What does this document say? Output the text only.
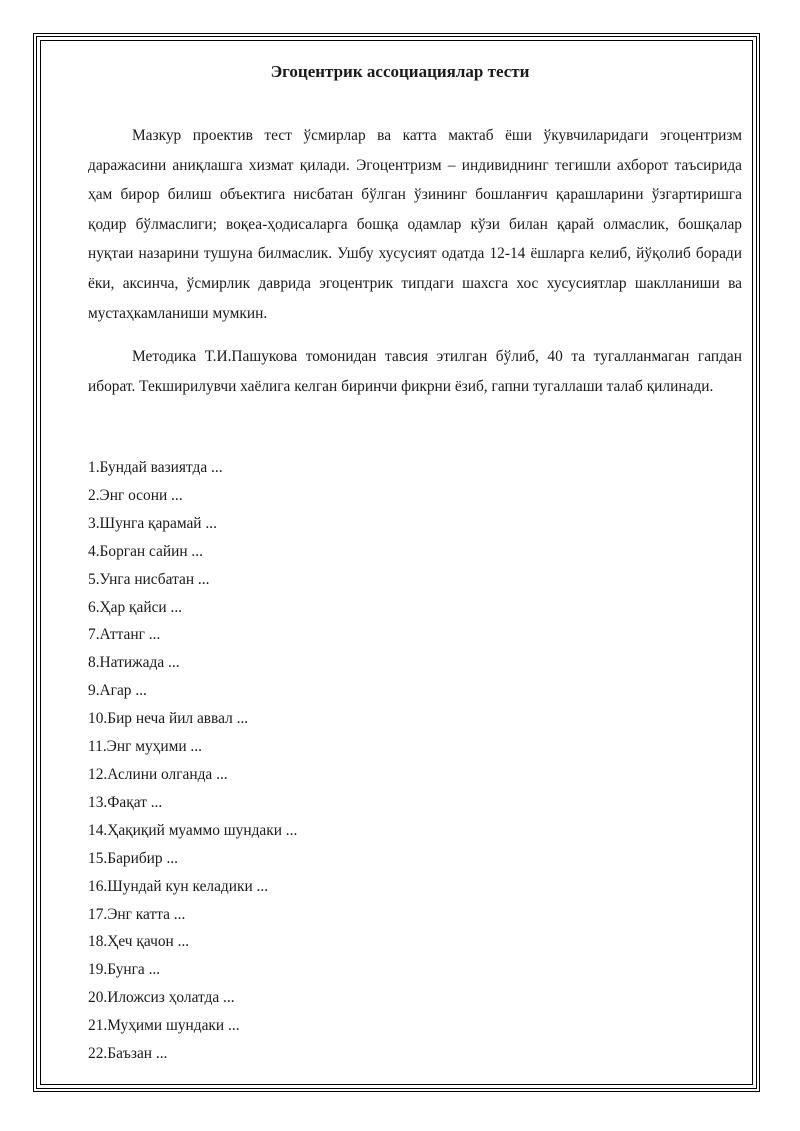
Эгоцентрик ассоциациялар тести

Мазкур проектив тест ўсмирлар ва катта мактаб ёши ўкувчиларидаги эгоцентризм даражасини аниқлашга хизмат қилади. Эгоцентризм – индивиднинг тегишли ахборот таъсирида ҳам бирор билиш объектига нисбатан бўлган ўзининг бошланғич қарашларини ўзгартиришга қодир бўлмаслиги; воқеа-ҳодисаларга бошқа одамлар кўзи билан қарай олмаслик, бошқалар нуқтаи назарини тушуна билмаслик. Ушбу хусусият одатда 12-14 ёшларга келиб, йўқолиб боради ёки, аксинча, ўсмирлик даврида эгоцентрик типдаги шахсга хос хусусиятлар шаклланиши ва мустаҳкамланиши мумкин.

Методика Т.И.Пашукова томонидан тавсия этилган бўлиб, 40 та тугалланмаган гапдан иборат. Текширилувчи хаёлига келган биринчи фикрни ёзиб, гапни тугаллаши талаб қилинади.

1.Бундай вазиятда ...
2.Энг осони ...
3.Шунга қарамай ...
4.Борган сайин ...
5.Унга нисбатан ...
6.Ҳар қайси ...
7.Аттанг ...
8.Натижада ...
9.Агар ...
10.Бир неча йил аввал ...
11.Энг муҳими ...
12.Аслини олганда ...
13.Фақат ...
14.Ҳақиқий муаммо шундаки ...
15.Барибир ...
16.Шундай кун келадики ...
17.Энг катта ...
18.Ҳеч қачон ...
19.Бунга ...
20.Иложсиз ҳолатда ...
21.Муҳими шундаки ...
22.Баъзан ...
